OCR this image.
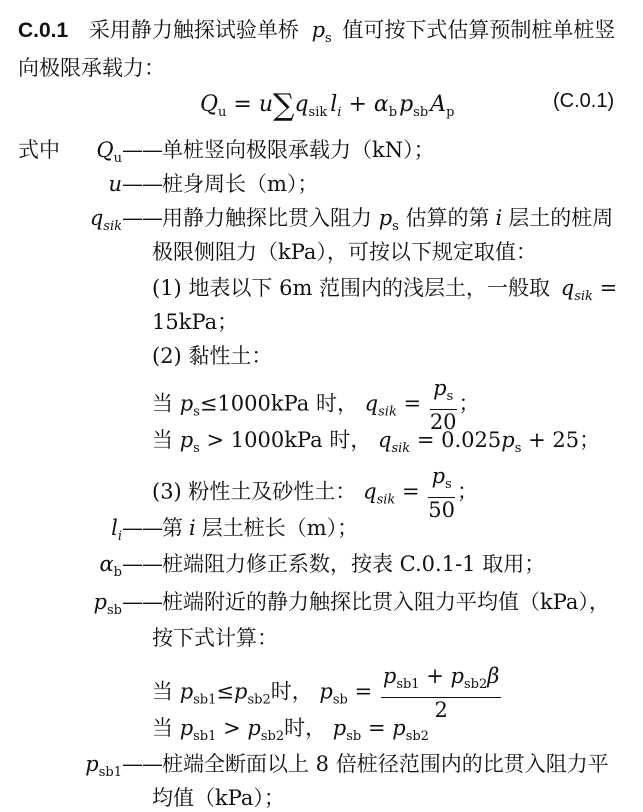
C.0.1 采用静力触探试验单桥 $p_s$ 值可按下式估算预制桩单桩竖
向极限承载力：
$Q_u = u\sum q_{sik}$ $l_i + \alpha_bp_{sb}A_p$
(C.0.1)
式中	$Q_u——$单桩竖向极限承载力（kN）；
u——桩身周长（m）；
$q_{sik}——$用静力触探比贯入阻力 $p_s$ 估算的第 i 层土的桩周
极限侧阻力（kPa），可按以下规定取值：
(1) 地表以下 6m 范围内的浅层土，一般取 $q_{sik}$ =
15kPa；
(2) 黏性土：
当 $p_s\le 1000kPa$ 时， $q_{sik} = \frac{p_s}{20}$ ；
当 $p_s > 1000kPa$ 时， $q_{sik} = 0.025p_s + 25$；
(3) 粉性土及砂性土： $q_{sik} = \frac{p_s}{50}$ ；
$l_i——$第 i 层土桩长（m）；
$\alpha_b——$桩端阻力修正系数，按表 C.0.1-1 取用；
$p_{sb}——$桩端附近的静力触探比贯入阻力平均值（kPa），
按下式计算：
当 $p_{sb1}\le p_{sb2}$时， $p_{sb} = \frac{p_{sb1} + p_{sb2}\beta}{2}$
当 $p_{sb1} > p_{sb2}$时， $p_{sb} = p_{sb2}$
$p_{sb1}——$桩端全断面以上 8 倍桩径范围内的比贯入阻力平
均值（kPa）；
